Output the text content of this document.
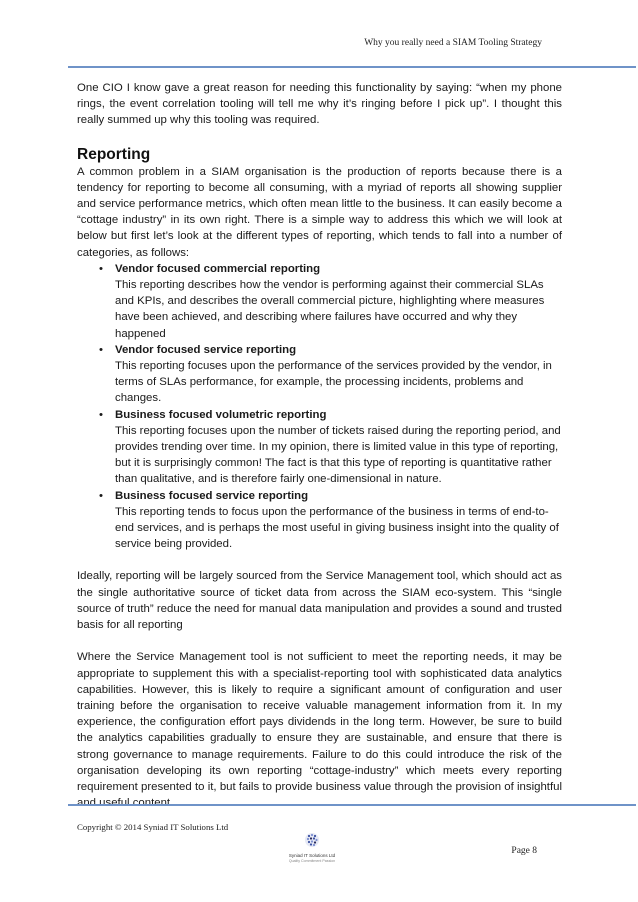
Why you really need a SIAM Tooling Strategy

One CIO I know gave a great reason for needing this functionality by saying: “when my phone rings, the event correlation tooling will tell me why it’s ringing before I pick up”. I thought this really summed up why this tooling was required.

Reporting

A common problem in a SIAM organisation is the production of reports because there is a tendency for reporting to become all consuming, with a myriad of reports all showing supplier and service performance metrics, which often mean little to the business. It can easily become a “cottage industry” in its own right. There is a simple way to address this which we will look at below but first let’s look at the different types of reporting, which tends to fall into a number of categories, as follows:

• Vendor focused commercial reporting
This reporting describes how the vendor is performing against their commercial SLAs and KPIs, and describes the overall commercial picture, highlighting where measures have been achieved, and describing where failures have occurred and why they happened
• Vendor focused service reporting
This reporting focuses upon the performance of the services provided by the vendor, in terms of SLAs performance, for example, the processing incidents, problems and changes.
• Business focused volumetric reporting
This reporting focuses upon the number of tickets raised during the reporting period, and provides trending over time. In my opinion, there is limited value in this type of reporting, but it is surprisingly common! The fact is that this type of reporting is quantitative rather than qualitative, and is therefore fairly one-dimensional in nature.
• Business focused service reporting
This reporting tends to focus upon the performance of the business in terms of end-to-end services, and is perhaps the most useful in giving business insight into the quality of service being provided.

Ideally, reporting will be largely sourced from the Service Management tool, which should act as the single authoritative source of ticket data from across the SIAM eco-system. This “single source of truth” reduce the need for manual data manipulation and provides a sound and trusted basis for all reporting

Where the Service Management tool is not sufficient to meet the reporting needs, it may be appropriate to supplement this with a specialist-reporting tool with sophisticated data analytics capabilities. However, this is likely to require a significant amount of configuration and user training before the organisation to receive valuable management information from it. In my experience, the configuration effort pays dividends in the long term. However, be sure to build the analytics capabilities gradually to ensure they are sustainable, and ensure that there is strong governance to manage requirements. Failure to do this could introduce the risk of the organisation developing its own reporting “cottage-industry” which meets every reporting requirement presented to it, but fails to provide business value through the provision of insightful and useful content.

Copyright © 2014 Syniad IT Solutions Ltd
Syniad IT Solutions Ltd
Quality Commitment Passion
Page 8
